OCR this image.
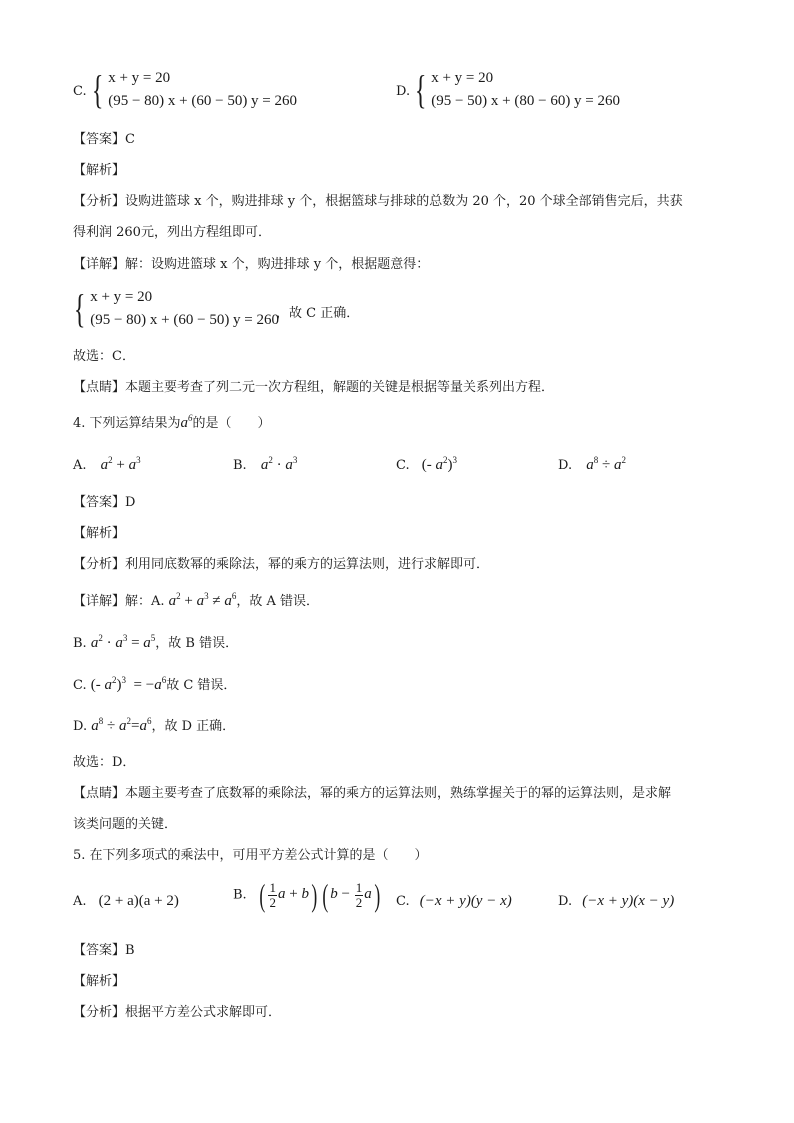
C. { x + y = 20
(95 − 80) x + (60 − 50) y = 260
D. { x + y = 20
(95 − 50) x + (80 − 60) y = 260
【答案】C
【解析】
【分析】设购进篮球 x 个，购进排球 y 个，根据篮球与排球的总数为 20 个，20 个球全部销售完后，共获
得利润 260元，列出方程组即可．
【详解】解：设购进篮球 x 个，购进排球 y 个，根据题意得：
{ x + y = 20
(95 − 80) x + (60 − 50) y = 260
，故 C 正确．
故选：C．
【点睛】本题主要考查了列二元一次方程组，解题的关键是根据等量关系列出方程．
4. 下列运算结果为$a^6$的是（　　）
A. $a^2 + a^3$	B. $a^2 \cdot a^3$	C. (- $a^2)^3$	D. $a^8 \div a^2$
【答案】D
【解析】
【分析】利用同底数幂的乘除法，幂的乘方的运算法则，进行求解即可．
【详解】解：A. $a^2 + a^3 \ne a^6$，故 A 错误．
B. $a^2 \cdot a^3 = a^5$，故 B 错误．
C. (- $a^2)^3 = -a^6$故 C 错误．
D. $a^8 \div a^2=a^6$，故 D 正确．
故选：D．
【点睛】本题主要考查了底数幂的乘除法，幂的乘方的运算法则，熟练掌握关于的幂的运算法则，是求解
该类问题的关键．
5. 在下列多项式的乘法中，可用平方差公式计算的是（　　）
A. (2 + a)(a + 2)	B. ( $\frac{1}{2}$ a + b) ( $b - \frac{1}{2} a$) C. (−x + y)(y − x)	D. (−x + y)(x − y)
【答案】B
【解析】
【分析】根据平方差公式求解即可．
